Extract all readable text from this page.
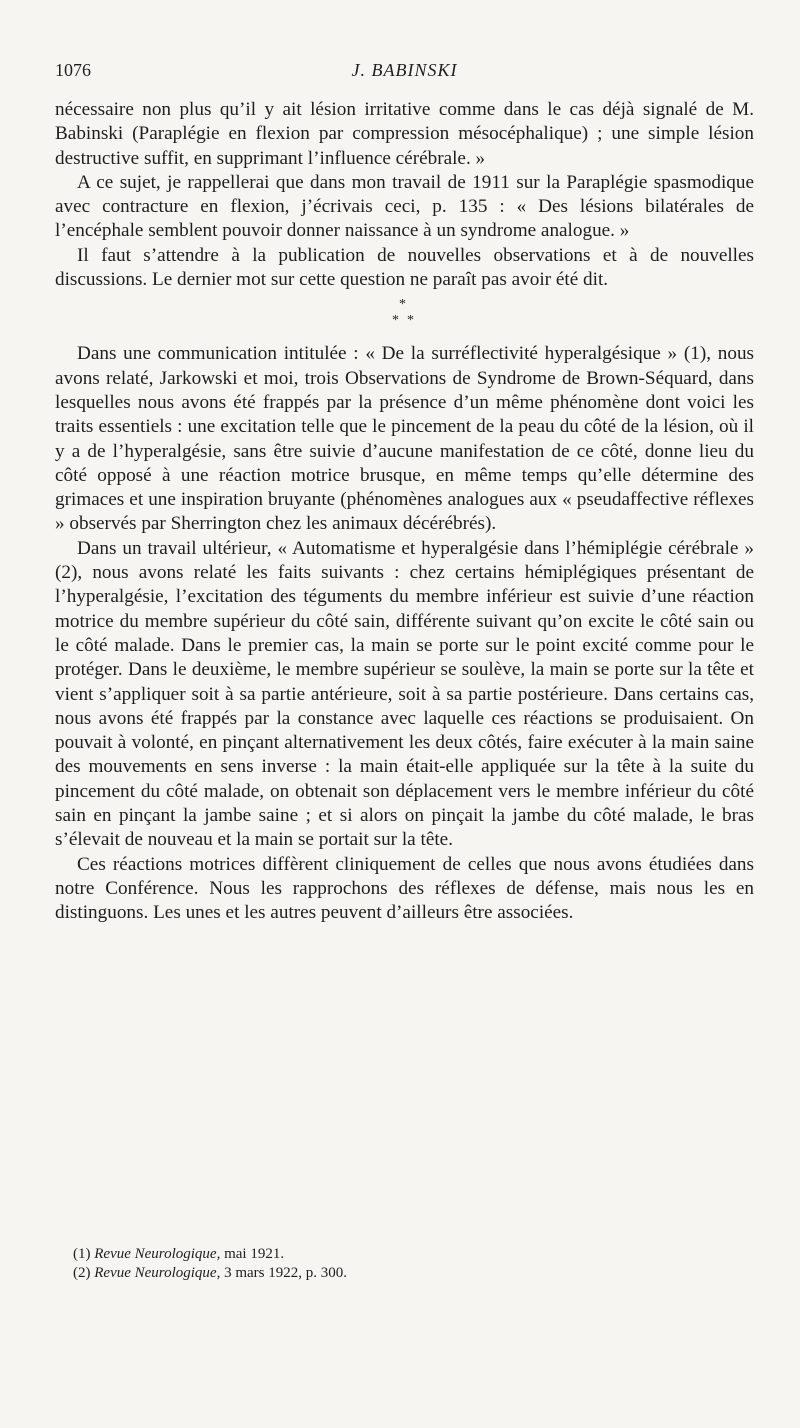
1076	J. BABINSKI

nécessaire non plus qu’il y ait lésion irritative comme dans le cas déjà signalé de M. Babinski (Paraplégie en flexion par compression mésocéphalique) ; une simple lésion destructive suffit, en supprimant l’influence cérébrale. »

A ce sujet, je rappellerai que dans mon travail de 1911 sur la Paraplégie spasmodique avec contracture en flexion, j’écrivais ceci, p. 135 : « Des lésions bilatérales de l’encéphale semblent pouvoir donner naissance à un syndrome analogue. »

Il faut s’attendre à la publication de nouvelles observations et à de nouvelles discussions. Le dernier mot sur cette question ne paraît pas avoir été dit.

*
* *

Dans une communication intitulée : « De la surréflectivité hyperalgésique » (1), nous avons relaté, Jarkowski et moi, trois Observations de Syndrome de Brown-Séquard, dans lesquelles nous avons été frappés par la présence d’un même phénomène dont voici les traits essentiels : une excitation telle que le pincement de la peau du côté de la lésion, où il y a de l’hyperalgésie, sans être suivie d’aucune manifestation de ce côté, donne lieu du côté opposé à une réaction motrice brusque, en même temps qu’elle détermine des grimaces et une inspiration bruyante (phénomènes analogues aux « pseudaffective réflexes » observés par Sherrington chez les animaux décérébrés).

Dans un travail ultérieur, « Automatisme et hyperalgésie dans l’hémiplégie cérébrale » (2), nous avons relaté les faits suivants : chez certains hémiplégiques présentant de l’hyperalgésie, l’excitation des téguments du membre inférieur est suivie d’une réaction motrice du membre supérieur du côté sain, différente suivant qu’on excite le côté sain ou le côté malade. Dans le premier cas, la main se porte sur le point excité comme pour le protéger. Dans le deuxième, le membre supérieur se soulève, la main se porte sur la tête et vient s’appliquer soit à sa partie antérieure, soit à sa partie postérieure. Dans certains cas, nous avons été frappés par la constance avec laquelle ces réactions se produisaient. On pouvait à volonté, en pinçant alternativement les deux côtés, faire exécuter à la main saine des mouvements en sens inverse : la main était-elle appliquée sur la tête à la suite du pincement du côté malade, on obtenait son déplacement vers le membre inférieur du côté sain en pinçant la jambe saine ; et si alors on pinçait la jambe du côté malade, le bras s’élevait de nouveau et la main se portait sur la tête.

Ces réactions motrices diffèrent cliniquement de celles que nous avons étudiées dans notre Conférence. Nous les rapprochons des réflexes de défense, mais nous les en distinguons. Les unes et les autres peuvent d’ailleurs être associées.

(1) Revue Neurologique, mai 1921.
(2) Revue Neurologique, 3 mars 1922, p. 300.
